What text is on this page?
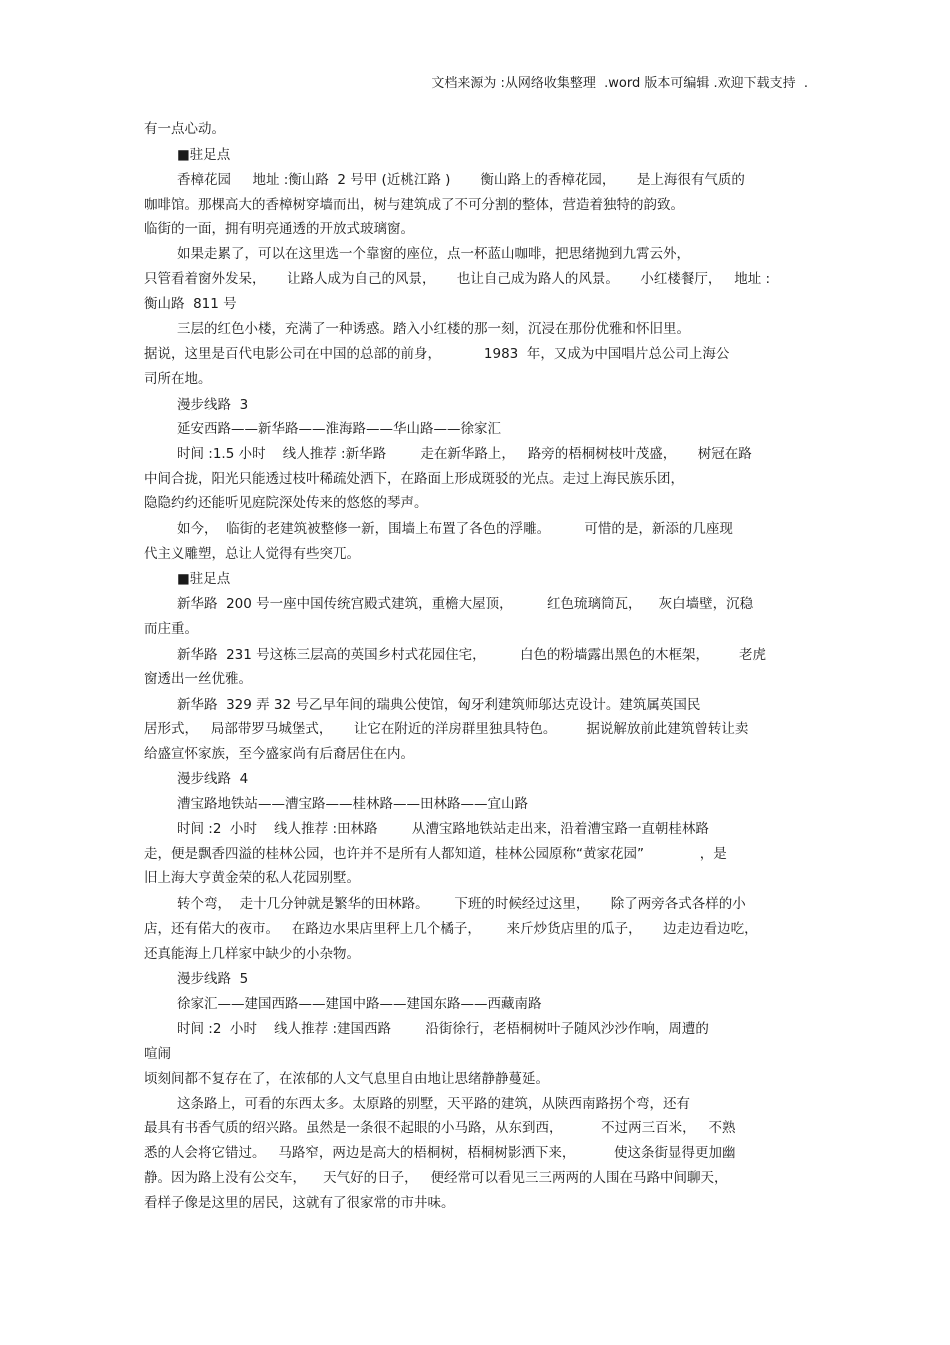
文档来源为 :从网络收集整理  .word 版本可编辑 .欢迎下载支持  .
有一点心动。
■驻足点
香樟花园     地址 :衡山路  2 号甲 (近桃江路 )       衡山路上的香樟花园，     是上海很有气质的
咖啡馆。那棵高大的香樟树穿墙而出，树与建筑成了不可分割的整体，营造着独特的韵致。
临街的一面，拥有明亮通透的开放式玻璃窗。
如果走累了，可以在这里选一个靠窗的座位，点一杯蓝山咖啡，把思绪抛到九霄云外，
只管看着窗外发呆，     让路人成为自己的风景，     也让自己成为路人的风景。     小红楼餐厅，   地址 :
衡山路  811 号
三层的红色小楼，充满了一种诱惑。踏入小红楼的那一刻，沉浸在那份优雅和怀旧里。
据说，这里是百代电影公司在中国的总部的前身，          1983  年，又成为中国唱片总公司上海公
司所在地。
漫步线路  3
延安西路——新华路——淮海路——华山路——徐家汇
时间 :1.5 小时    线人推荐 :新华路        走在新华路上，   路旁的梧桐树枝叶茂盛，     树冠在路
中间合拢，阳光只能透过枝叶稀疏处洒下，在路面上形成斑驳的光点。走过上海民族乐团，
隐隐约约还能听见庭院深处传来的悠悠的琴声。
如今，  临街的老建筑被整修一新，围墙上布置了各色的浮雕。        可惜的是，新添的几座现
代主义雕塑，总让人觉得有些突兀。
■驻足点
新华路  200 号一座中国传统宫殿式建筑，重檐大屋顶，        红色琉璃筒瓦，    灰白墙壁，沉稳
而庄重。
新华路  231 号这栋三层高的英国乡村式花园住宅，        白色的粉墙露出黑色的木框架，       老虎
窗透出一丝优雅。
新华路  329 弄 32 号乙早年间的瑞典公使馆，匈牙利建筑师邬达克设计。建筑属英国民
居形式，   局部带罗马城堡式，     让它在附近的洋房群里独具特色。       据说解放前此建筑曾转让卖
给盛宣怀家族，至今盛家尚有后裔居住在内。
漫步线路  4
漕宝路地铁站——漕宝路——桂林路——田林路——宜山路
时间 :2  小时    线人推荐 :田林路        从漕宝路地铁站走出来，沿着漕宝路一直朝桂林路
走，便是飘香四溢的桂林公园，也许并不是所有人都知道，桂林公园原称“黄家花园”             ，是
旧上海大亨黄金荣的私人花园别墅。
转个弯，  走十几分钟就是繁华的田林路。      下班的时候经过这里，     除了两旁各式各样的小
店，还有偌大的夜市。   在路边水果店里秤上几个橘子，      来斤炒货店里的瓜子，     边走边看边吃，
还真能海上几样家中缺少的小杂物。
漫步线路  5
徐家汇——建国西路——建国中路——建国东路——西藏南路
时间 :2  小时    线人推荐 :建国西路        沿街徐行，老梧桐树叶子随风沙沙作响，周遭的
喧闹
顷刻间都不复存在了，在浓郁的人文气息里自由地让思绪静静蔓延。
这条路上，可看的东西太多。太原路的别墅，天平路的建筑，从陕西南路拐个弯，还有
最具有书香气质的绍兴路。虽然是一条很不起眼的小马路，从东到西，         不过两三百米，   不熟
悉的人会将它错过。   马路窄，两边是高大的梧桐树，梧桐树影洒下来，         使这条街显得更加幽
静。因为路上没有公交车，    天气好的日子，   便经常可以看见三三两两的人围在马路中间聊天，
看样子像是这里的居民，这就有了很家常的市井味。
